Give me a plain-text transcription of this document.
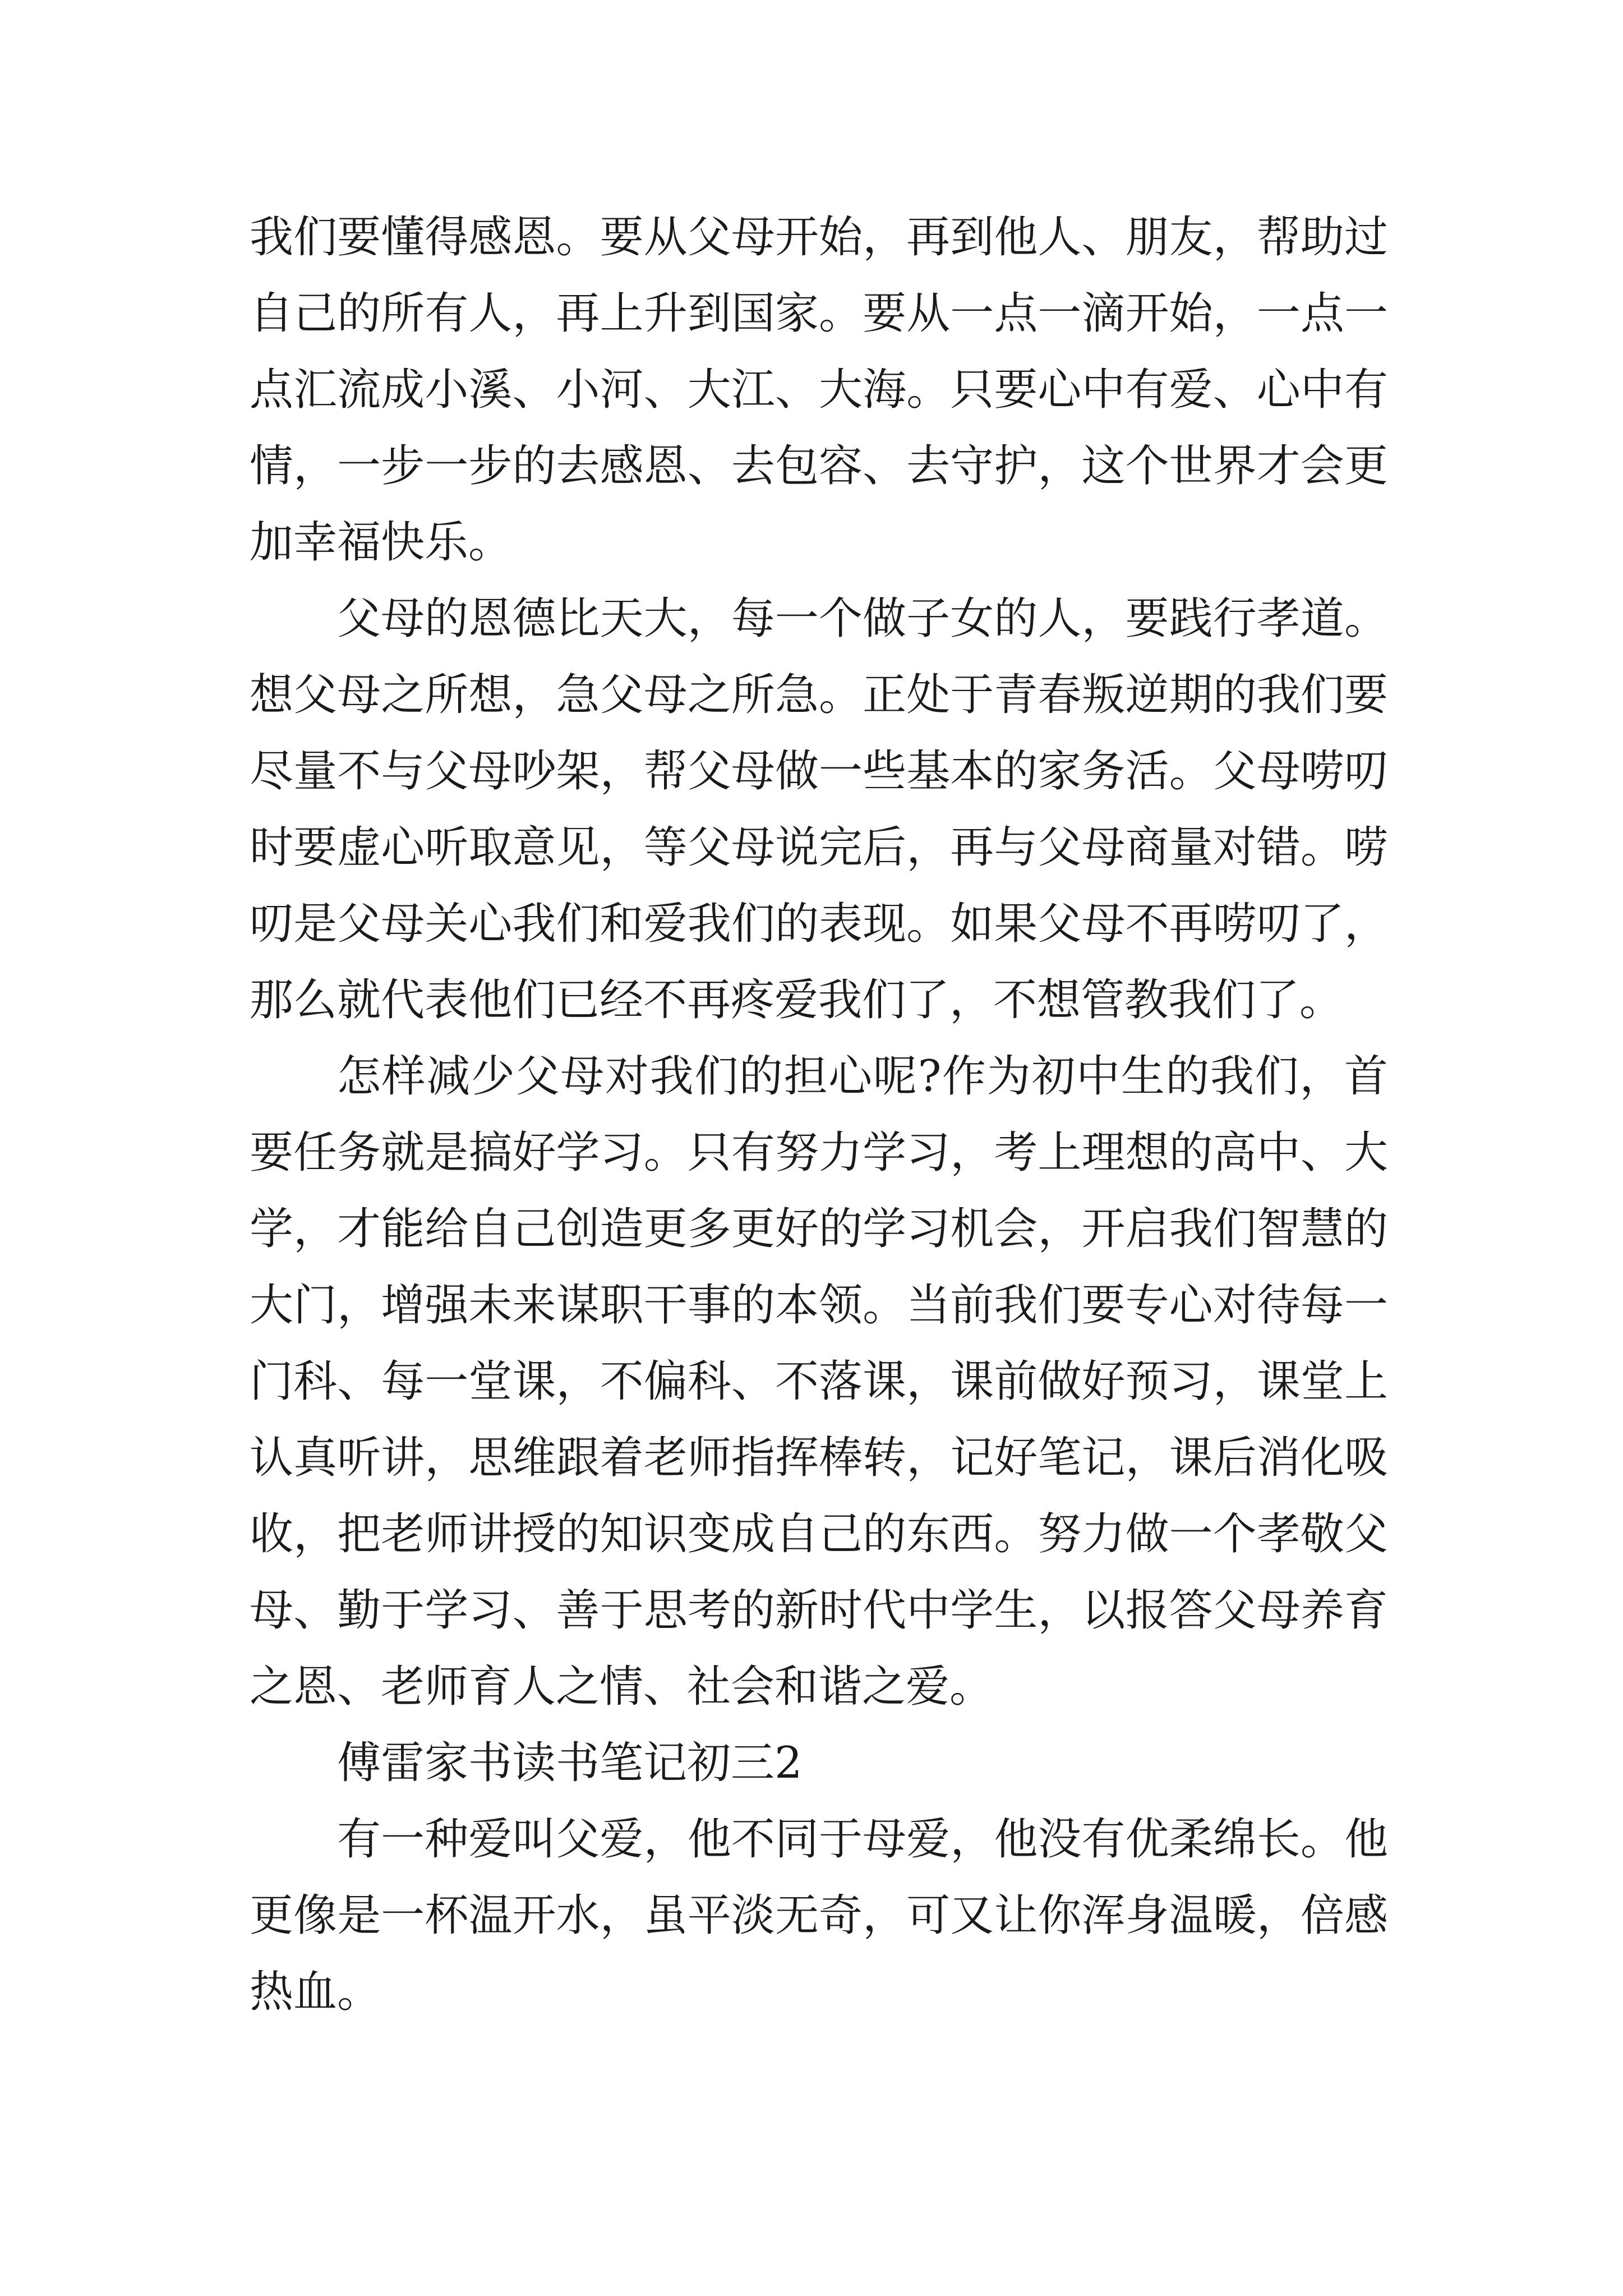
我们要懂得感恩。要从父母开始，再到他人、朋友，帮助过自己的所有人，再上升到国家。要从一点一滴开始，一点一点汇流成小溪、小河、大江、大海。只要心中有爱、心中有情，一步一步的去感恩、去包容、去守护，这个世界才会更加幸福快乐。

父母的恩德比天大，每一个做子女的人，要践行孝道。想父母之所想，急父母之所急。正处于青春叛逆期的我们要尽量不与父母吵架，帮父母做一些基本的家务活。父母唠叨时要虚心听取意见，等父母说完后，再与父母商量对错。唠叨是父母关心我们和爱我们的表现。如果父母不再唠叨了，那么就代表他们已经不再疼爱我们了，不想管教我们了。

怎样减少父母对我们的担心呢?作为初中生的我们，首要任务就是搞好学习。只有努力学习，考上理想的高中、大学，才能给自己创造更多更好的学习机会，开启我们智慧的大门，增强未来谋职干事的本领。当前我们要专心对待每一门科、每一堂课，不偏科、不落课，课前做好预习，课堂上认真听讲，思维跟着老师指挥棒转，记好笔记，课后消化吸收，把老师讲授的知识变成自己的东西。努力做一个孝敬父母、勤于学习、善于思考的新时代中学生，以报答父母养育之恩、老师育人之情、社会和谐之爱。

傅雷家书读书笔记初三2

有一种爱叫父爱，他不同于母爱，他没有优柔绵长。他更像是一杯温开水，虽平淡无奇，可又让你浑身温暖，倍感热血。
